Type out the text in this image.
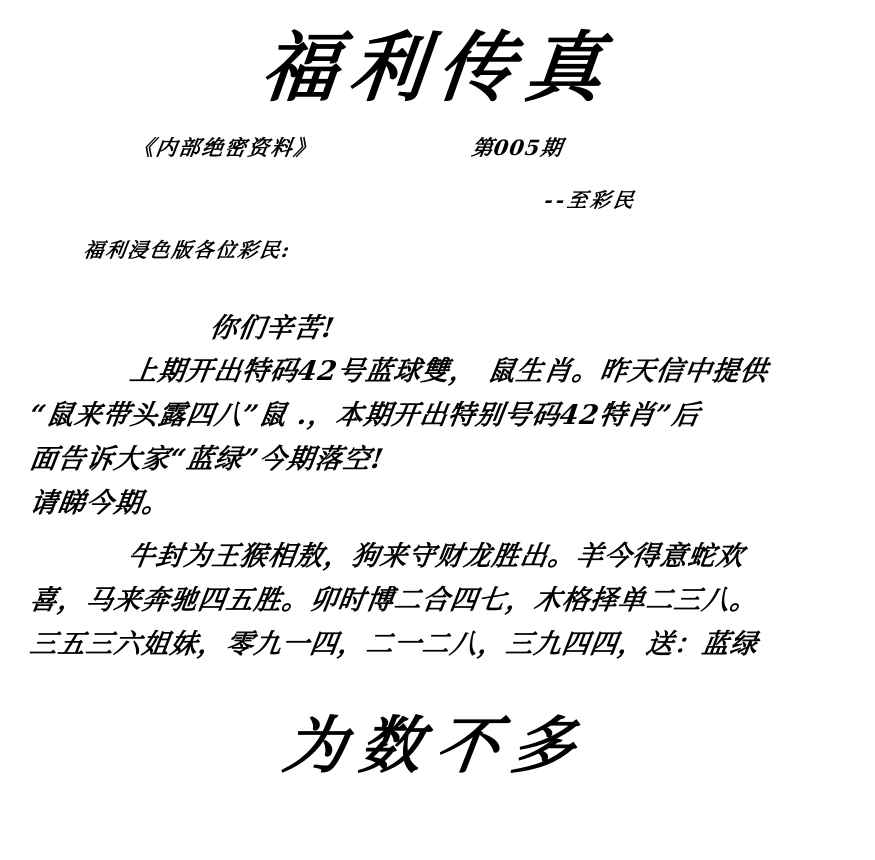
福利传真
《内部绝密资料》	第005期
--至彩民
福利浸色版各位彩民:
你们辛苦!
上期开出特码42号蓝球雙， 鼠生肖。昨天信中提供
“鼠来带头露四八”鼠 .，本期开出特别号码42特肖”后
面告诉大家“蓝绿”今期落空!
请睇今期。
牛封为王猴相敖，狗来守财龙胜出。羊今得意蛇欢
喜，马来奔驰四五胜。卯时博二合四七，木格择单二三八。
三五三六姐妹，零九一四，二一二八，三九四四，送：蓝绿
为数不多
